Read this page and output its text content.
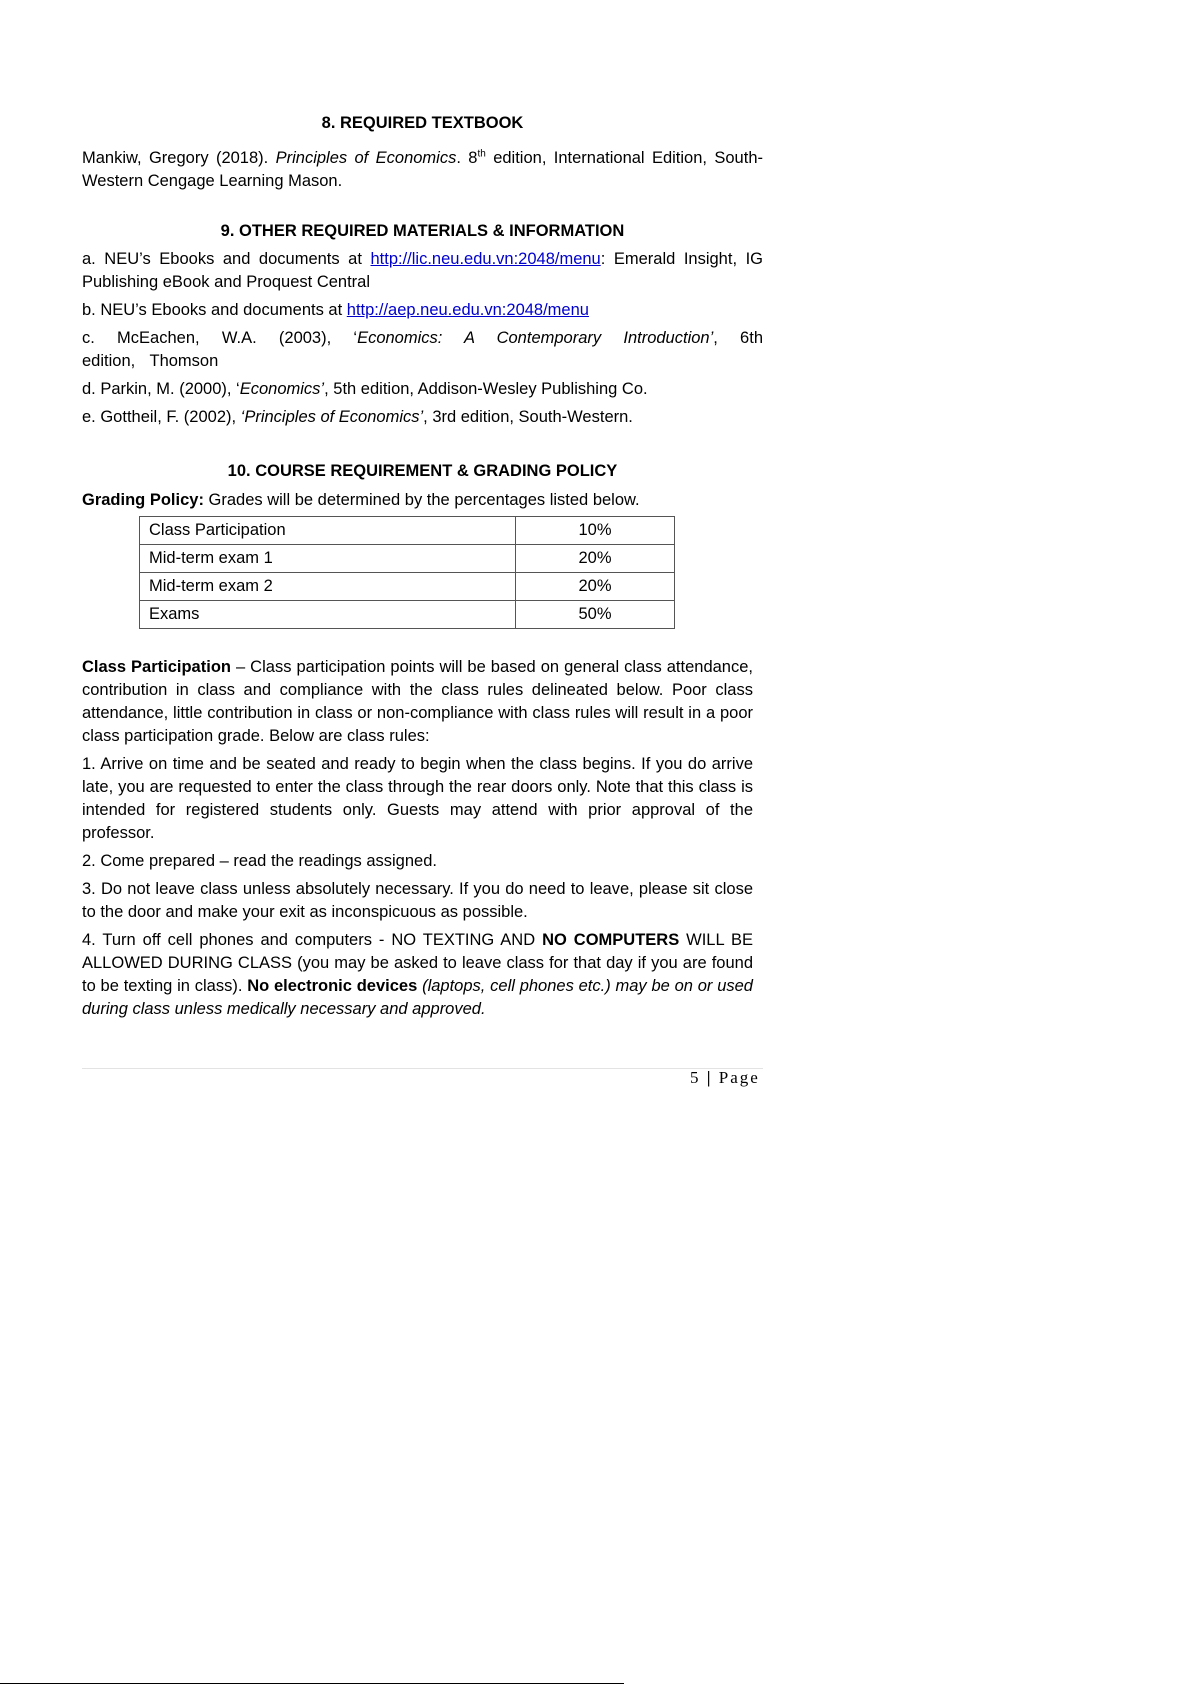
8. REQUIRED TEXTBOOK

Mankiw, Gregory (2018). Principles of Economics. 8th edition, International Edition, South-Western Cengage Learning Mason.

9. OTHER REQUIRED MATERIALS & INFORMATION

a. NEU’s Ebooks and documents at http://lic.neu.edu.vn:2048/menu: Emerald Insight, IG Publishing eBook and Proquest Central

b. NEU’s Ebooks and documents at http://aep.neu.edu.vn:2048/menu

c. McEachen, W.A. (2003), ‘Economics: A Contemporary Introduction’, 6th edition, Thomson

d. Parkin, M. (2000), ‘Economics’, 5th edition, Addison-Wesley Publishing Co.

e. Gottheil, F. (2002), ‘Principles of Economics’, 3rd edition, South-Western.

10. COURSE REQUIREMENT & GRADING POLICY

Grading Policy: Grades will be determined by the percentages listed below.

Class Participation	10%
Mid-term exam 1	20%
Mid-term exam 2	20%
Exams	50%

Class Participation – Class participation points will be based on general class attendance, contribution in class and compliance with the class rules delineated below. Poor class attendance, little contribution in class or non-compliance with class rules will result in a poor class participation grade. Below are class rules:

1. Arrive on time and be seated and ready to begin when the class begins. If you do arrive late, you are requested to enter the class through the rear doors only. Note that this class is intended for registered students only. Guests may attend with prior approval of the professor.

2. Come prepared – read the readings assigned.

3. Do not leave class unless absolutely necessary. If you do need to leave, please sit close to the door and make your exit as inconspicuous as possible.

4. Turn off cell phones and computers - NO TEXTING AND NO COMPUTERS WILL BE ALLOWED DURING CLASS (you may be asked to leave class for that day if you are found to be texting in class). No electronic devices (laptops, cell phones etc.) may be on or used during class unless medically necessary and approved.

5 | Page
